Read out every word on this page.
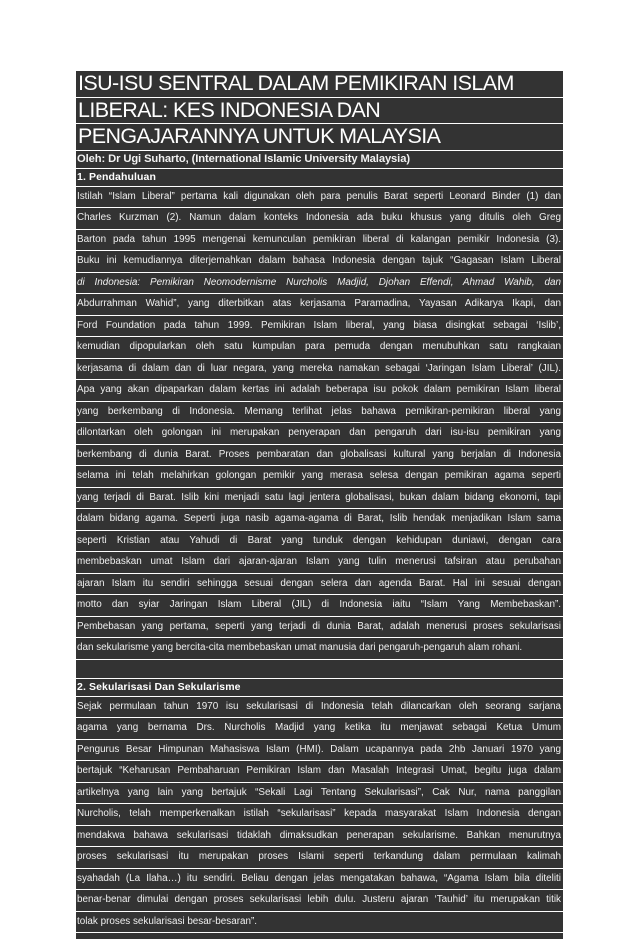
ISU-ISU SENTRAL DALAM PEMIKIRAN ISLAM
LIBERAL: KES INDONESIA DAN
PENGAJARANNYA UNTUK MALAYSIA
Oleh: Dr Ugi Suharto, (International Islamic University Malaysia)
1. Pendahuluan
Istilah “Islam Liberal” pertama kali digunakan oleh para penulis Barat seperti Leonard Binder (1) dan
Charles Kurzman (2). Namun dalam konteks Indonesia ada buku khusus yang ditulis oleh Greg
Barton pada tahun 1995 mengenai kemunculan pemikiran liberal di kalangan pemikir Indonesia (3).
Buku ini kemudiannya diterjemahkan dalam bahasa Indonesia dengan tajuk “Gagasan Islam Liberal
di Indonesia: Pemikiran Neomodernisme Nurcholis Madjid, Djohan Effendi, Ahmad Wahib, dan
Abdurrahman Wahid”, yang diterbitkan atas kerjasama Paramadina, Yayasan Adikarya Ikapi, dan
Ford Foundation pada tahun 1999. Pemikiran Islam liberal, yang biasa disingkat sebagai ‘Islib’,
kemudian dipopularkan oleh satu kumpulan para pemuda dengan menubuhkan satu rangkaian
kerjasama di dalam dan di luar negara, yang mereka namakan sebagai ‘Jaringan Islam Liberal’ (JIL).
Apa yang akan dipaparkan dalam kertas ini adalah beberapa isu pokok dalam pemikiran Islam liberal
yang berkembang di Indonesia. Memang terlihat jelas bahawa pemikiran-pemikiran liberal yang
dilontarkan oleh golongan ini merupakan penyerapan dan pengaruh dari isu-isu pemikiran yang
berkembang di dunia Barat. Proses pembaratan dan globalisasi kultural yang berjalan di Indonesia
selama ini telah melahirkan golongan pemikir yang merasa selesa dengan pemikiran agama seperti
yang terjadi di Barat. Islib kini menjadi satu lagi jentera globalisasi, bukan dalam bidang ekonomi, tapi
dalam bidang agama. Seperti juga nasib agama-agama di Barat, Islib hendak menjadikan Islam sama
seperti Kristian atau Yahudi di Barat yang tunduk dengan kehidupan duniawi, dengan cara
membebaskan umat Islam dari ajaran-ajaran Islam yang tulin menerusi tafsiran atau perubahan
ajaran Islam itu sendiri sehingga sesuai dengan selera dan agenda Barat. Hal ini sesuai dengan
motto dan syiar Jaringan Islam Liberal (JIL) di Indonesia iaitu “Islam Yang Membebaskan”.
Pembebasan yang pertama, seperti yang terjadi di dunia Barat, adalah menerusi proses sekularisasi
dan sekularisme yang bercita-cita membebaskan umat manusia dari pengaruh-pengaruh alam rohani.
2. Sekularisasi Dan Sekularisme
Sejak permulaan tahun 1970 isu sekularisasi di Indonesia telah dilancarkan oleh seorang sarjana
agama yang bernama Drs. Nurcholis Madjid yang ketika itu menjawat sebagai Ketua Umum
Pengurus Besar Himpunan Mahasiswa Islam (HMI). Dalam ucapannya pada 2hb Januari 1970 yang
bertajuk “Keharusan Pembaharuan Pemikiran Islam dan Masalah Integrasi Umat, begitu juga dalam
artikelnya yang lain yang bertajuk “Sekali Lagi Tentang Sekularisasi”, Cak Nur, nama panggilan
Nurcholis, telah memperkenalkan istilah “sekularisasi” kepada masyarakat Islam Indonesia dengan
mendakwa bahawa sekularisasi tidaklah dimaksudkan penerapan sekularisme. Bahkan menurutnya
proses sekularisasi itu merupakan proses Islami seperti terkandung dalam permulaan kalimah
syahadah (La Ilaha…) itu sendiri. Beliau dengan jelas mengatakan bahawa, “Agama Islam bila diteliti
benar-benar dimulai dengan proses sekularisasi lebih dulu. Justeru ajaran ‘Tauhid’ itu merupakan titik
tolak proses sekularisasi besar-besaran”.
